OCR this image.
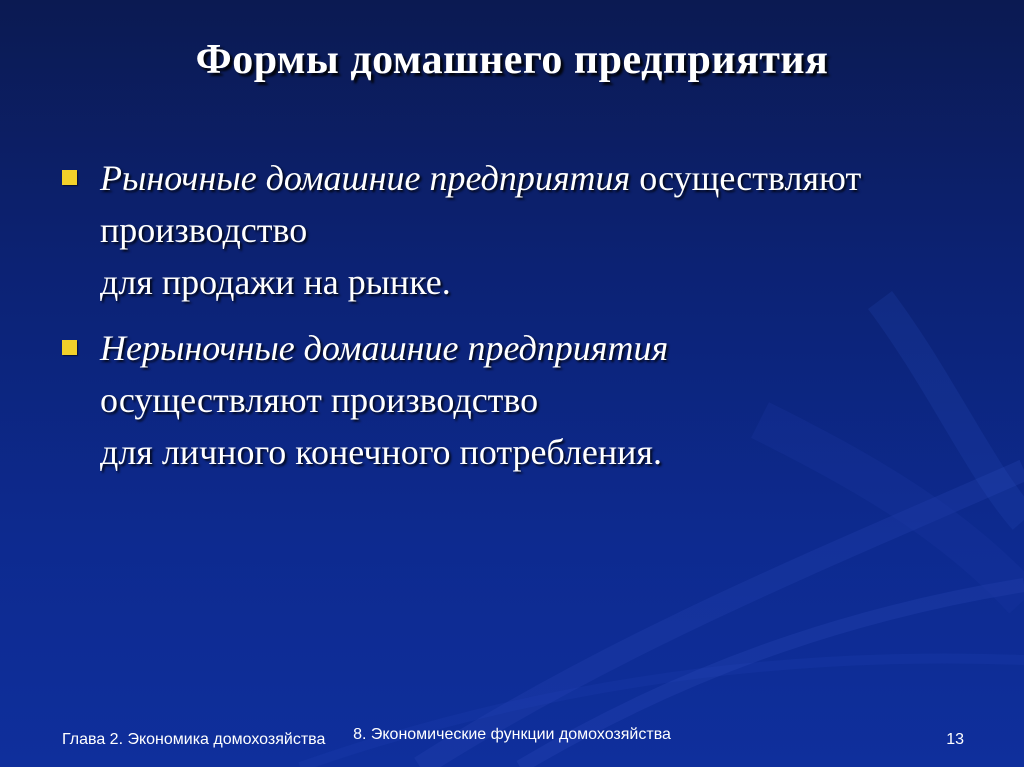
Формы домашнего предприятия
Рыночные домашние предприятия осуществляют
производство
для продажи на рынке.
Нерыночные домашние предприятия
осуществляют производство
для личного конечного потребления.
Глава 2. Экономика домохозяйства	8. Экономические функции домохозяйства	13
